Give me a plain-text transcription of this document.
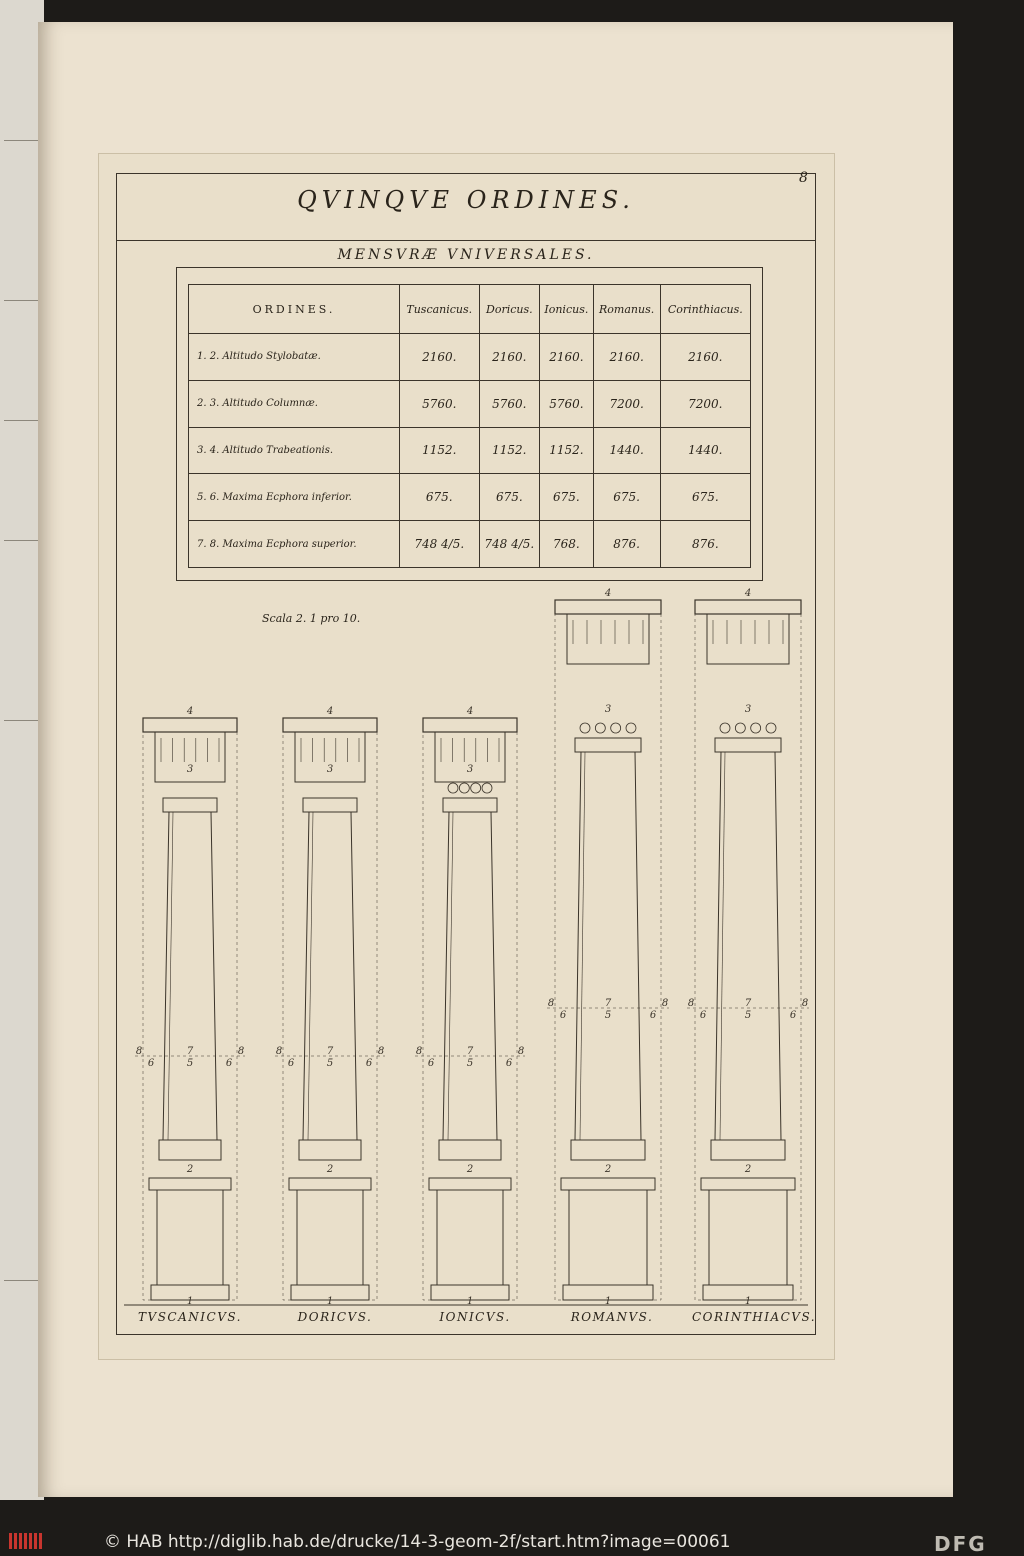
QVINQVE ORDINES.
8
MENSVRÆ VNIVERSALES.
ORDINES.	Tuscanicus.	Doricus.	Ionicus.	Romanus.	Corinthiacus.
1. 2. Altitudo Stylobatæ.	2160.	2160.	2160.	2160.	2160.
2. 3. Altitudo Columnæ.	5760.	5760.	5760.	7200.	7200.
3. 4. Altitudo Trabeationis.	1152.	1152.	1152.	1440.	1440.
5. 6. Maxima Ecphora inferior.	675.	675.	675.	675.	675.
7. 8. Maxima Ecphora superior.	748 4/5.	748 4/5.	768.	876.	876.
Scala 2. 1 pro 10.
4
3
2
1
7
5
8	8
6	6
4
3
2
1
7
5
8	8
6	6
4
3
2
1
7
5
8	8
6	6
4
3
2
1
7
5
8	8
6	6
4
3
2
1
7
5
8	8
6	6
TVSCANICVS.	DORICVS.	IONICVS.	ROMANVS.	CORINTHIACVS.
© HAB http://diglib.hab.de/drucke/14-3-geom-2f/start.htm?image=00061	DFG
